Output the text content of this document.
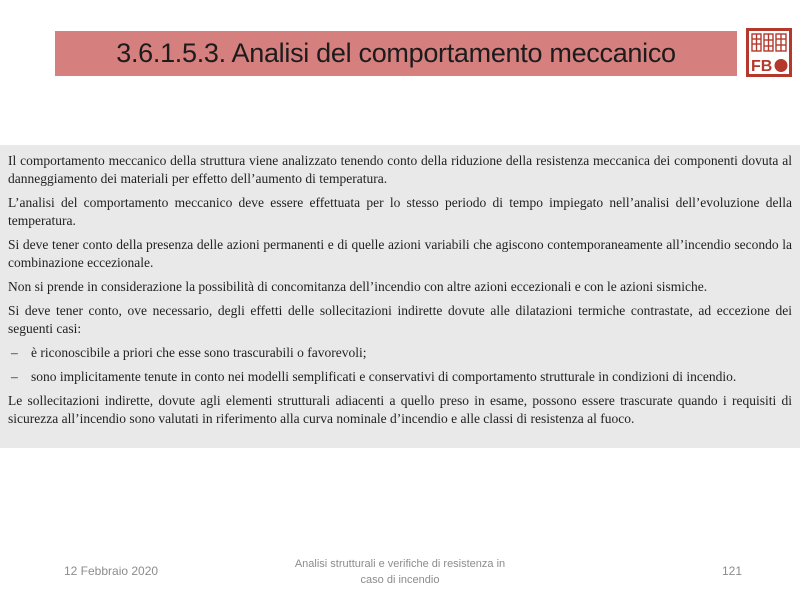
3.6.1.5.3. Analisi del comportamento meccanico	FB

Il comportamento meccanico della struttura viene analizzato tenendo conto della riduzione della resistenza meccanica dei componenti dovuta al danneggiamento dei materiali per effetto dell’aumento di temperatura.

L’analisi del comportamento meccanico deve essere effettuata per lo stesso periodo di tempo impiegato nell’analisi dell’evoluzione della temperatura.

Si deve tener conto della presenza delle azioni permanenti e di quelle azioni variabili che agiscono contemporaneamente all’incendio secondo la combinazione eccezionale.

Non si prende in considerazione la possibilità di concomitanza dell’incendio con altre azioni eccezionali e con le azioni sismiche.

Si deve tener conto, ove necessario, degli effetti delle sollecitazioni indirette dovute alle dilatazioni termiche contrastate, ad eccezione dei seguenti casi:

– è riconoscibile a priori che esse sono trascurabili o favorevoli;

– sono implicitamente tenute in conto nei modelli semplificati e conservativi di comportamento strutturale in condizioni di incendio.

Le sollecitazioni indirette, dovute agli elementi strutturali adiacenti a quello preso in esame, possono essere trascurate quando i requisiti di sicurezza all’incendio sono valutati in riferimento alla curva nominale d’incendio e alle classi di resistenza al fuoco.

12 Febbraio 2020	Analisi strutturali e verifiche di resistenza in
caso di incendio
121
